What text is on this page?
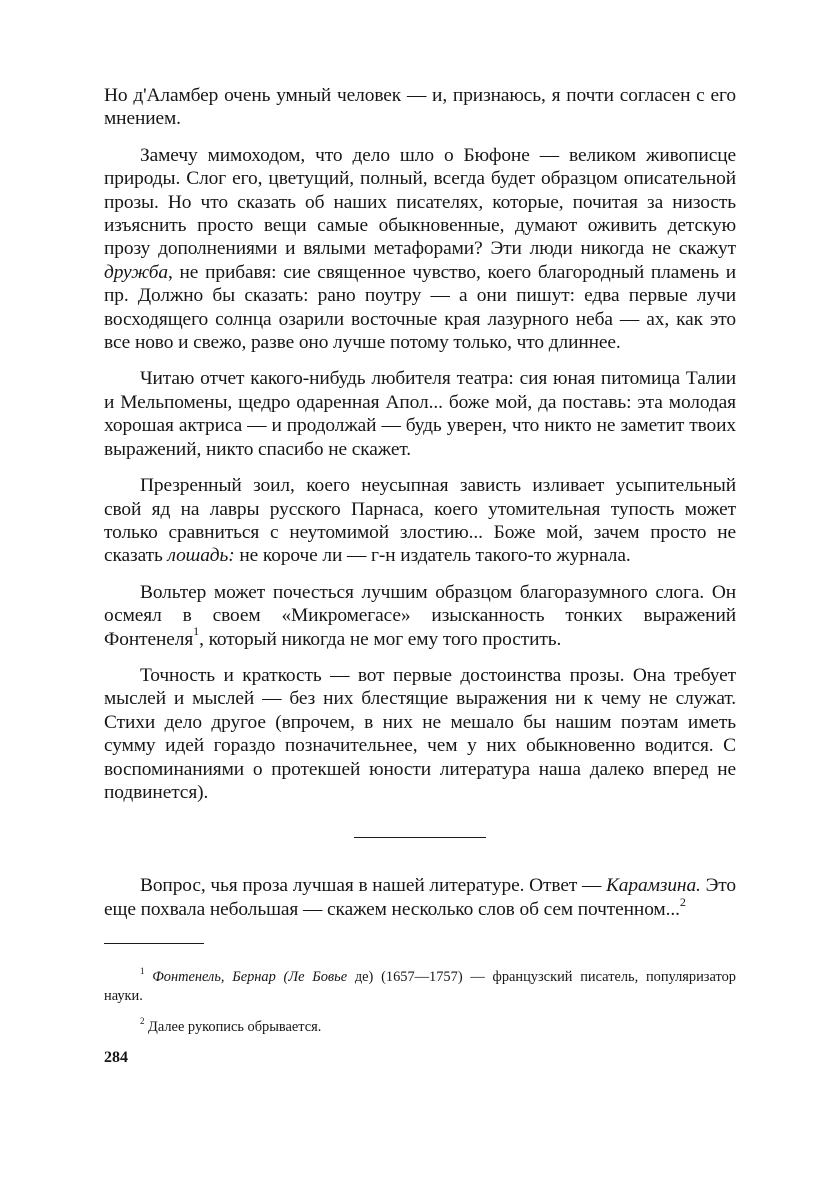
Но д'Аламбер очень умный человек — и, признаюсь, я почти согласен с его мнением.

Замечу мимоходом, что дело шло о Бюфоне — великом живописце природы. Слог его, цветущий, полный, всегда будет образцом описательной прозы. Но что сказать об наших писателях, которые, почитая за низость изъяснить просто вещи самые обыкновенные, думают оживить детскую прозу дополнениями и вялыми метафорами? Эти люди никогда не скажут дружба, не прибавя: сие священное чувство, коего благородный пламень и пр. Должно бы сказать: рано поутру — а они пишут: едва первые лучи восходящего солнца озарили восточные края лазурного неба — ах, как это все ново и свежо, разве оно лучше потому только, что длиннее.

Читаю отчет какого-нибудь любителя театра: сия юная питомица Талии и Мельпомены, щедро одаренная Апол... боже мой, да поставь: эта молодая хорошая актриса — и продолжай — будь уверен, что никто не заметит твоих выражений, никто спасибо не скажет.

Презренный зоил, коего неусыпная зависть изливает усыпительный свой яд на лавры русского Парнаса, коего утомительная тупость может только сравниться с неутомимой злостию... Боже мой, зачем просто не сказать лошадь: не короче ли — г-н издатель такого-то журнала.

Вольтер может почесться лучшим образцом благоразумного слога. Он осмеял в своем «Микромегасе» изысканность тонких выражений Фонтенеля$^1$, который никогда не мог ему того простить.

Точность и краткость — вот первые достоинства прозы. Она требует мыслей и мыслей — без них блестящие выражения ни к чему не служат. Стихи дело другое (впрочем, в них не мешало бы нашим поэтам иметь сумму идей гораздо позначительнее, чем у них обыкновенно водится. С воспоминаниями о протекшей юности литература наша далеко вперед не подвинется).

Вопрос, чья проза лучшая в нашей литературе. Ответ — Карамзина. Это еще похвала небольшая — скажем несколько слов об сем почтенном...$^2$

$^1$ Фонтенель, Бернар (Ле Бовье де) (1657—1757) — французский писатель, популяризатор науки.

$^2$ Далее рукопись обрывается.

284
